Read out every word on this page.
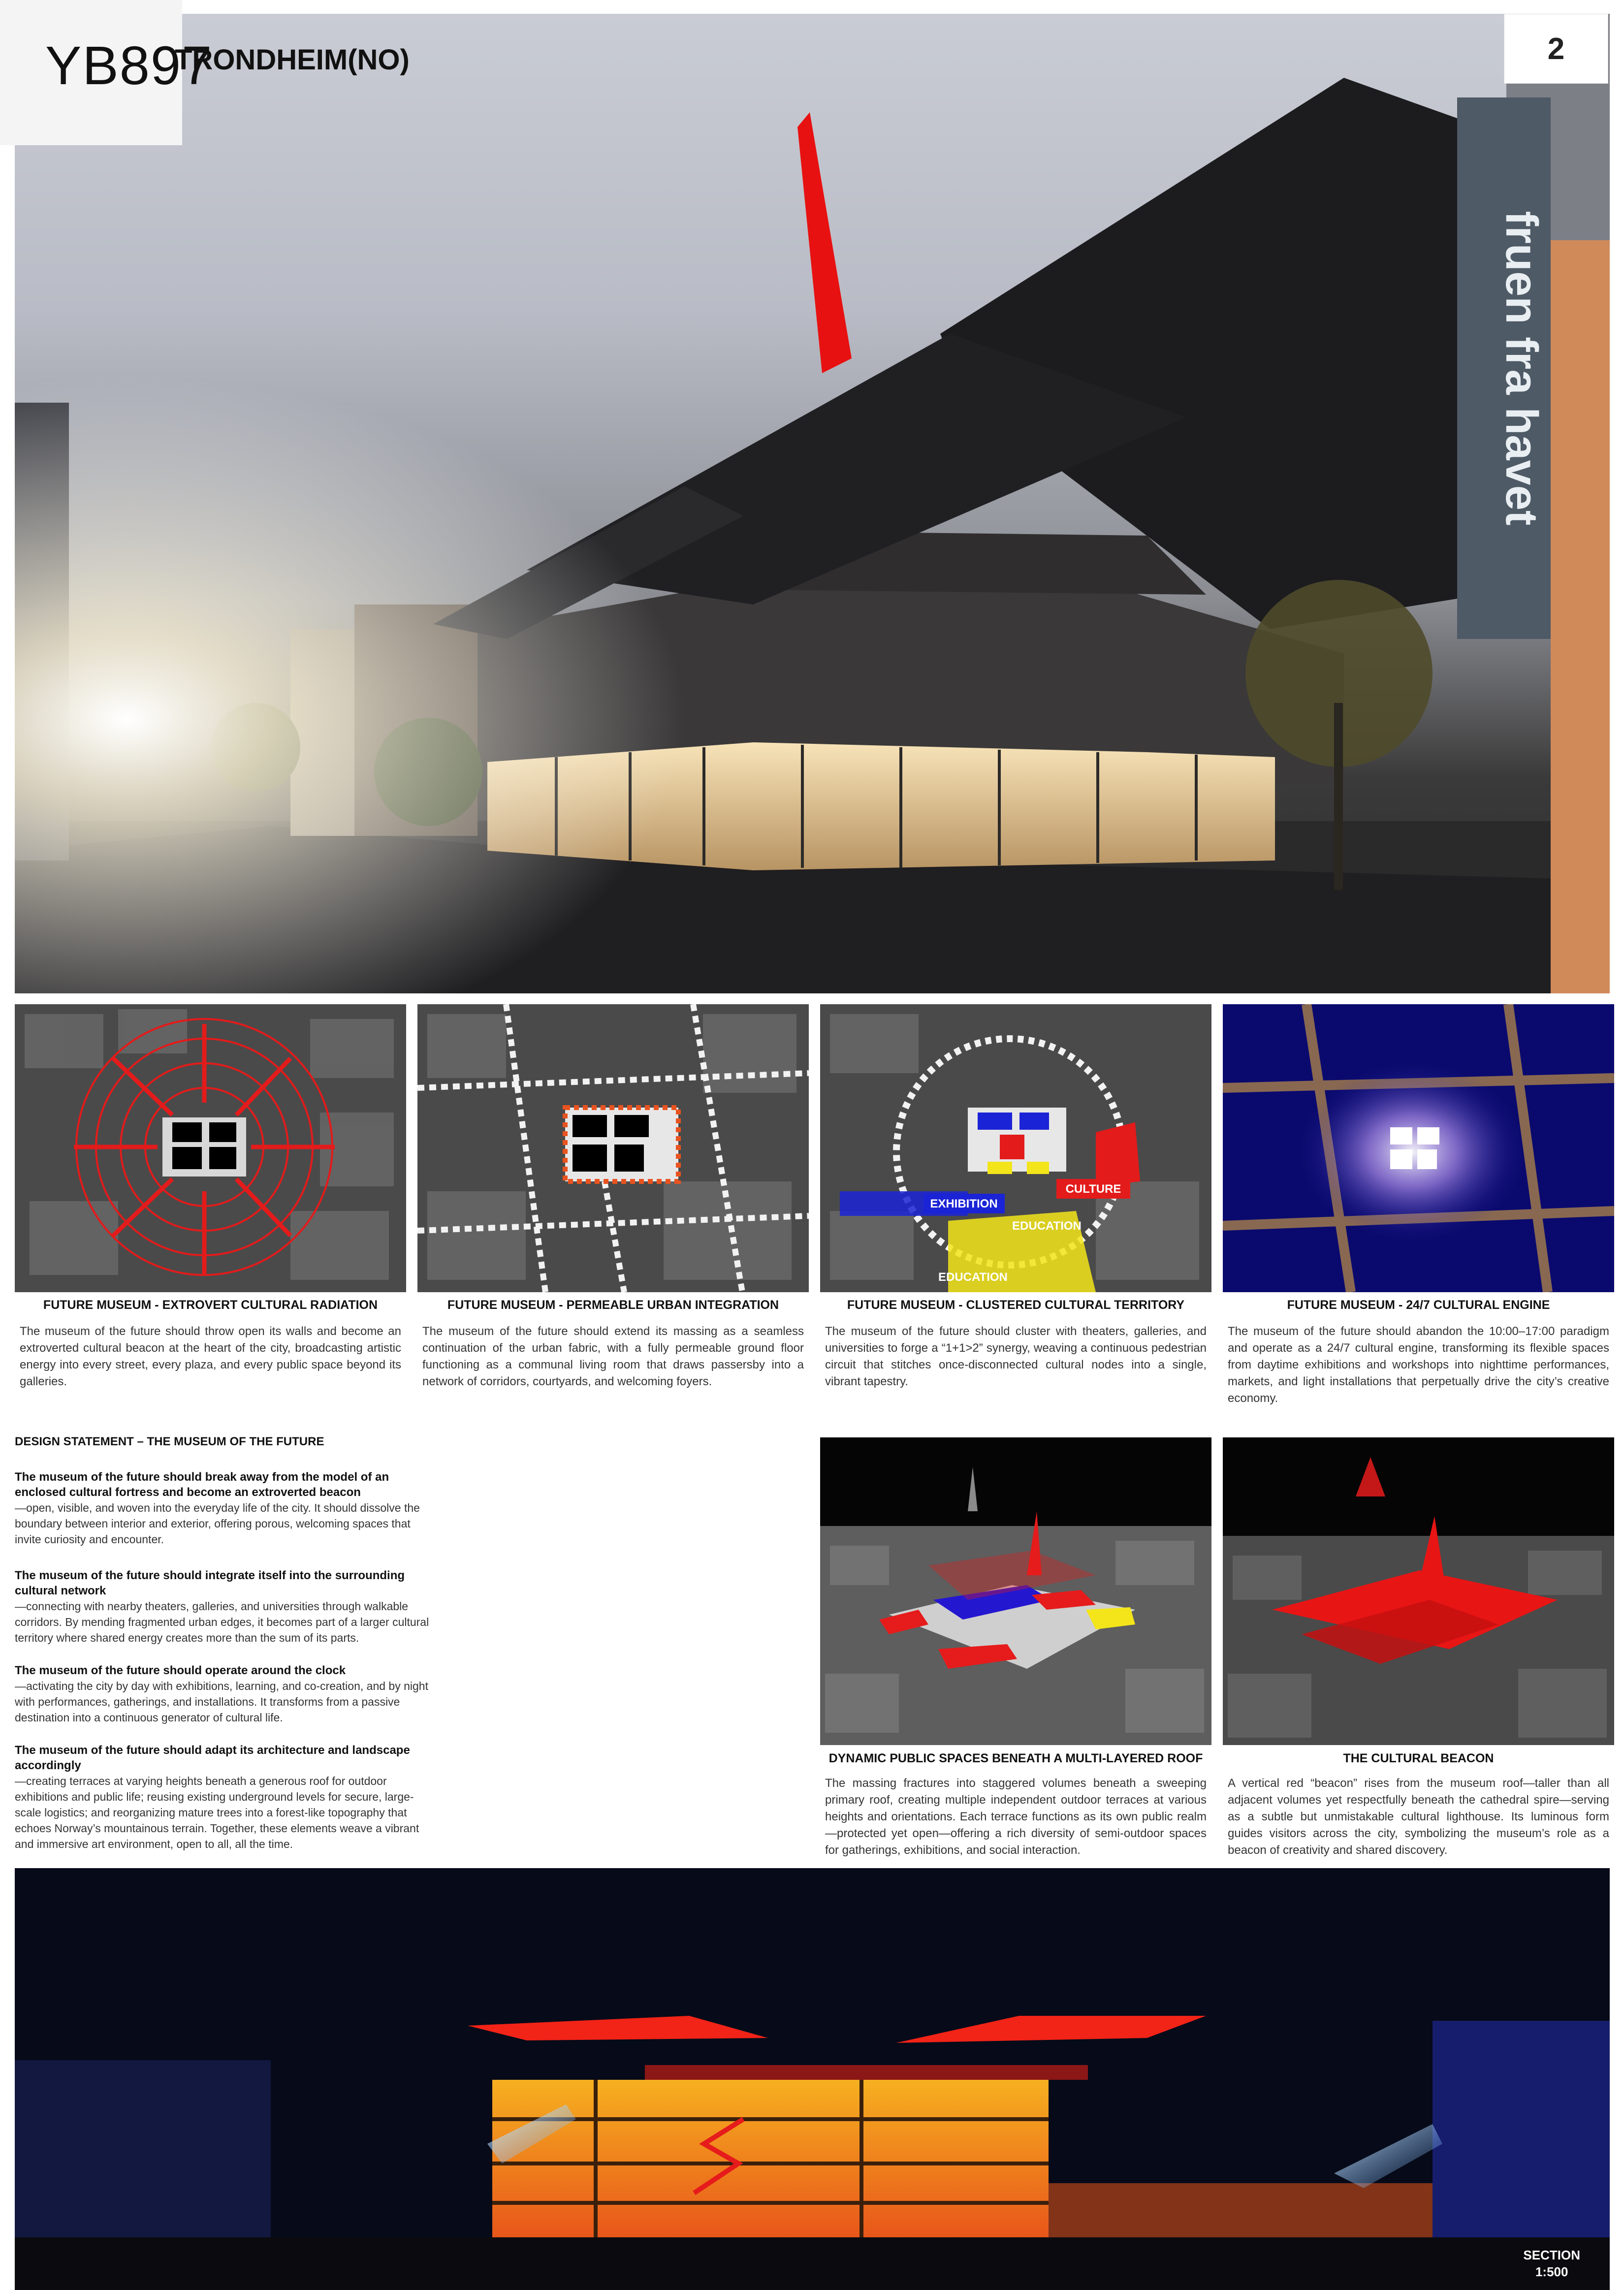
YB897
TRONDHEIM(NO)	2
FUTURE MUSEUM - EXTROVERT CULTURAL RADIATION
The museum of the future should throw open its walls and become an extroverted cultural beacon at the heart of the city, broadcasting artistic energy into every street, every plaza, and every public space beyond its galleries.
FUTURE MUSEUM - PERMEABLE URBAN INTEGRATION
The museum of the future should extend its massing as a seamless continuation of the urban fabric, with a fully permeable ground floor functioning as a communal living room that draws passersby into a network of corridors, courtyards, and welcoming foyers.
CULTURE
EXHIBITION
EDUCATION
EDUCATION
FUTURE MUSEUM - CLUSTERED CULTURAL TERRITORY
The museum of the future should cluster with theaters, galleries, and universities to forge a “1+1>2” synergy, weaving a continuous pedestrian circuit that stitches once-disconnected cultural nodes into a single, vibrant tapestry.
FUTURE MUSEUM - 24/7 CULTURAL ENGINE
The museum of the future should abandon the 10:00–17:00 paradigm and operate as a 24/7 cultural engine, transforming its flexible spaces from daytime exhibitions and workshops into nighttime performances, markets, and light installations that perpetually drive the city’s creative economy.
DESIGN STATEMENT – THE MUSEUM OF THE FUTURE
The museum of the future should break away from the model of an enclosed cultural fortress and become an extroverted beacon
—open, visible, and woven into the everyday life of the city. It should dissolve the boundary between interior and exterior, offering porous, welcoming spaces that invite curiosity and encounter.
The museum of the future should integrate itself into the surrounding cultural network
—connecting with nearby theaters, galleries, and universities through walkable corridors. By mending fragmented urban edges, it becomes part of a larger cultural territory where shared energy creates more than the sum of its parts.
The museum of the future should operate around the clock
—activating the city by day with exhibitions, learning, and co-creation, and by night with performances, gatherings, and installations. It transforms from a passive destination into a continuous generator of cultural life.
The museum of the future should adapt its architecture and landscape accordingly
—creating terraces at varying heights beneath a generous roof for outdoor exhibitions and public life; reusing existing underground levels for secure, large-scale logistics; and reorganizing mature trees into a forest-like topography that echoes Norway’s mountainous terrain. Together, these elements weave a vibrant and immersive art environment, open to all, all the time.
DYNAMIC PUBLIC SPACES BENEATH A MULTI-LAYERED ROOF
The massing fractures into staggered volumes beneath a sweeping primary roof, creating multiple independent outdoor terraces at various heights and orientations. Each terrace functions as its own public realm—protected yet open—offering a rich diversity of semi-outdoor spaces for gatherings, exhibitions, and social interaction.
THE CULTURAL BEACON
A vertical red “beacon” rises from the museum roof—taller than all adjacent volumes yet respectfully beneath the cathedral spire—serving as a subtle but unmistakable cultural lighthouse. Its luminous form guides visitors across the city, symbolizing the museum’s role as a beacon of creativity and shared discovery.
SECTION
1:500
